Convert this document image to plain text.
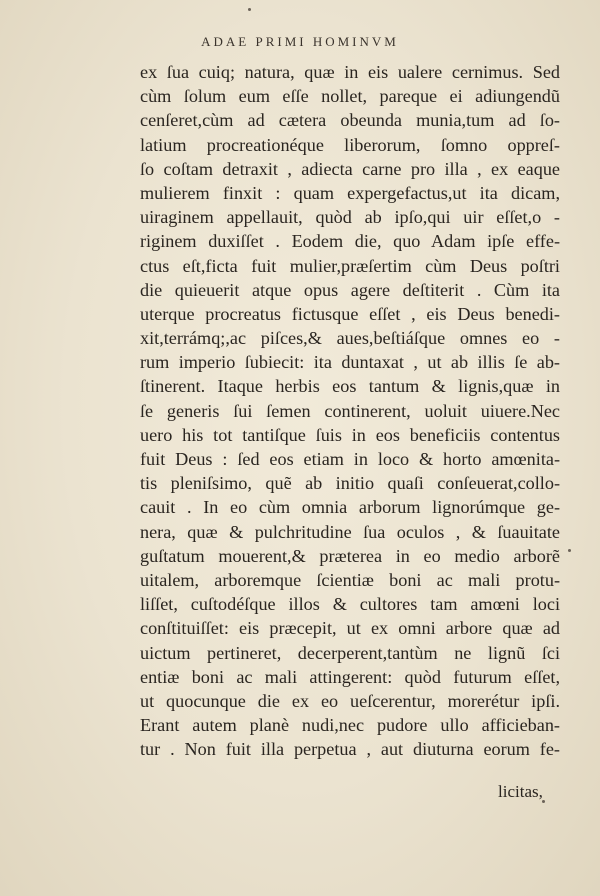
ADAE PRIMI HOMINVM
ex ſua cuiq; natura, quæ in eis ualere cernimus. Sed
cùm ſolum eum eſſe nollet, pareque ei adiungendũ
cenſeret,cùm ad cætera obeunda munia,tum ad ſo-
latium procreationéque liberorum, ſomno oppreſ-
ſo coſtam detraxit , adiecta carne pro illa , ex eaque
mulierem finxit : quam expergefactus,ut ita dicam,
uiraginem appellauit, quòd ab ipſo,qui uir eſſet,o -
riginem duxiſſet . Eodem die, quo Adam ipſe effe-
ctus eſt,ficta fuit mulier,præſertim cùm Deus poſtri
die quieuerit atque opus agere deſtiterit . Cùm ita
uterque procreatus fictusque eſſet , eis Deus benedi-
xit,terrámq;,ac piſces,& aues,beſtiáſque omnes eo -
rum imperio ſubiecit: ita duntaxat , ut ab illis ſe ab-
ſtinerent. Itaque herbis eos tantum & lignis,quæ in
ſe generis ſui ſemen continerent, uoluit uiuere.Nec
uero his tot tantiſque ſuis in eos beneficiis contentus
fuit Deus : ſed eos etiam in loco & horto amœnita-
tis pleniſsimo, quẽ ab initio quaſi conſeuerat,collo-
cauit . In eo cùm omnia arborum lignorúmque ge-
nera, quæ & pulchritudine ſua oculos , & ſuauitate
guſtatum mouerent,& præterea in eo medio arborẽ
uitalem, arboremque ſcientiæ boni ac mali protu-
liſſet, cuſtodéſque illos & cultores tam amœni loci
conſtituiſſet: eis præcepit, ut ex omni arbore quæ ad
uictum pertineret, decerperent,tantùm ne lignũ ſci
entiæ boni ac mali attingerent: quòd futurum eſſet,
ut quocunque die ex eo ueſcerentur, morerétur ipſi.
Erant autem planè nudi,nec pudore ullo afficieban-
tur . Non fuit illa perpetua , aut diuturna eorum fe-
licitas,
